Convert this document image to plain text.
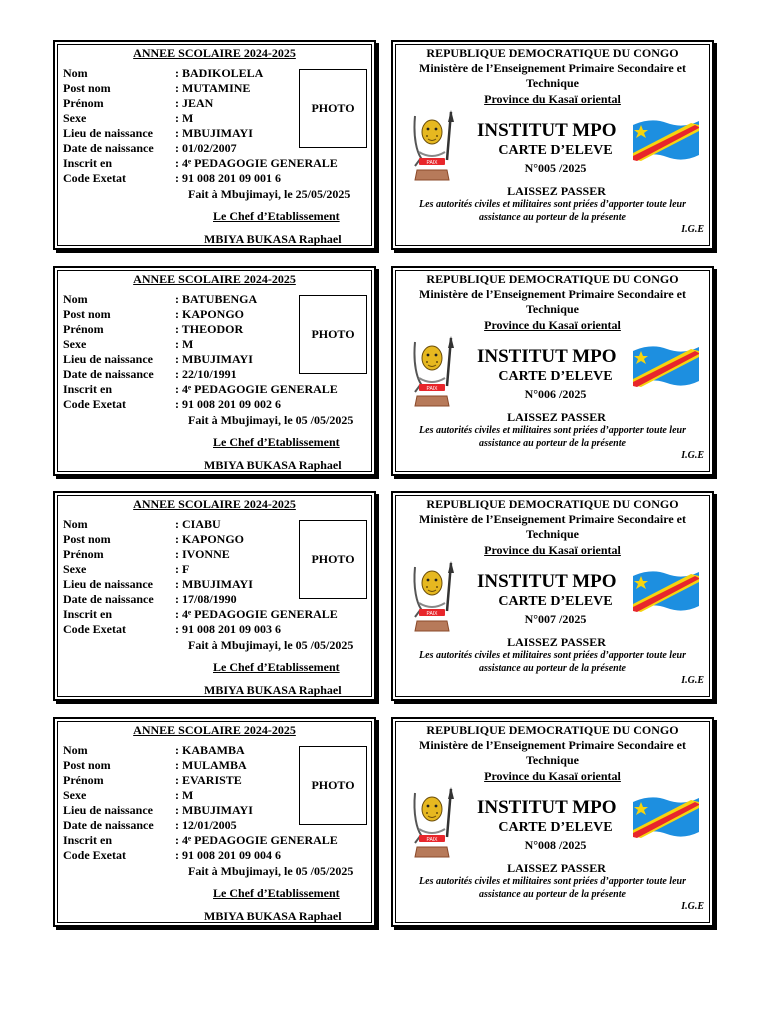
ANNEE SCOLAIRE 2024-2025
Nom	: BADIKOLELA
Post nom	: MUTAMINE
Prénom	: JEAN
Sexe	: M
Lieu de naissance	: MBUJIMAYI
Date de naissance	: 01/02/2007
Inscrit en	: 4ᵉ PEDAGOGIE GENERALE
Code Exetat	: 91 008 201 09 001 6
PHOTO
Fait à Mbujimayi, le 25/05/2025
Le Chef d’Etablissement
MBIYA BUKASA Raphael
REPUBLIQUE DEMOCRATIQUE DU CONGO
Ministère de l’Enseignement Primaire Secondaire et Technique
Province du Kasaï oriental
PAIX
INSTITUT MPO
CARTE D’ELEVE
N°005 /2025
LAISSEZ PASSER
Les autorités civiles et militaires sont priées d’apporter toute leur assistance au porteur de la présente
I.G.E
ANNEE SCOLAIRE 2024-2025
Nom	: BATUBENGA
Post nom	: KAPONGO
Prénom	: THEODOR
Sexe	: M
Lieu de naissance	: MBUJIMAYI
Date de naissance	: 22/10/1991
Inscrit en	: 4ᵉ PEDAGOGIE GENERALE
Code Exetat	: 91 008 201 09 002 6
PHOTO
Fait à Mbujimayi, le 05 /05/2025
Le Chef d’Etablissement
MBIYA BUKASA Raphael
REPUBLIQUE DEMOCRATIQUE DU CONGO
Ministère de l’Enseignement Primaire Secondaire et Technique
Province du Kasaï oriental
PAIX
INSTITUT MPO
CARTE D’ELEVE
N°006 /2025
LAISSEZ PASSER
Les autorités civiles et militaires sont priées d’apporter toute leur assistance au porteur de la présente
I.G.E
ANNEE SCOLAIRE 2024-2025
Nom	: CIABU
Post nom	: KAPONGO
Prénom	: IVONNE
Sexe	: F
Lieu de naissance	: MBUJIMAYI
Date de naissance	: 17/08/1990
Inscrit en	: 4ᵉ PEDAGOGIE GENERALE
Code Exetat	: 91 008 201 09 003 6
PHOTO
Fait à Mbujimayi, le 05 /05/2025
Le Chef d’Etablissement
MBIYA BUKASA Raphael
REPUBLIQUE DEMOCRATIQUE DU CONGO
Ministère de l’Enseignement Primaire Secondaire et Technique
Province du Kasaï oriental
PAIX
INSTITUT MPO
CARTE D’ELEVE
N°007 /2025
LAISSEZ PASSER
Les autorités civiles et militaires sont priées d’apporter toute leur assistance au porteur de la présente
I.G.E
ANNEE SCOLAIRE 2024-2025
Nom	: KABAMBA
Post nom	: MULAMBA
Prénom	: EVARISTE
Sexe	: M
Lieu de naissance	: MBUJIMAYI
Date de naissance	: 12/01/2005
Inscrit en	: 4ᵉ PEDAGOGIE GENERALE
Code Exetat	: 91 008 201 09 004 6
PHOTO
Fait à Mbujimayi, le 05 /05/2025
Le Chef d’Etablissement
MBIYA BUKASA Raphael
REPUBLIQUE DEMOCRATIQUE DU CONGO
Ministère de l’Enseignement Primaire Secondaire et Technique
Province du Kasaï oriental
PAIX
INSTITUT MPO
CARTE D’ELEVE
N°008 /2025
LAISSEZ PASSER
Les autorités civiles et militaires sont priées d’apporter toute leur assistance au porteur de la présente
I.G.E
